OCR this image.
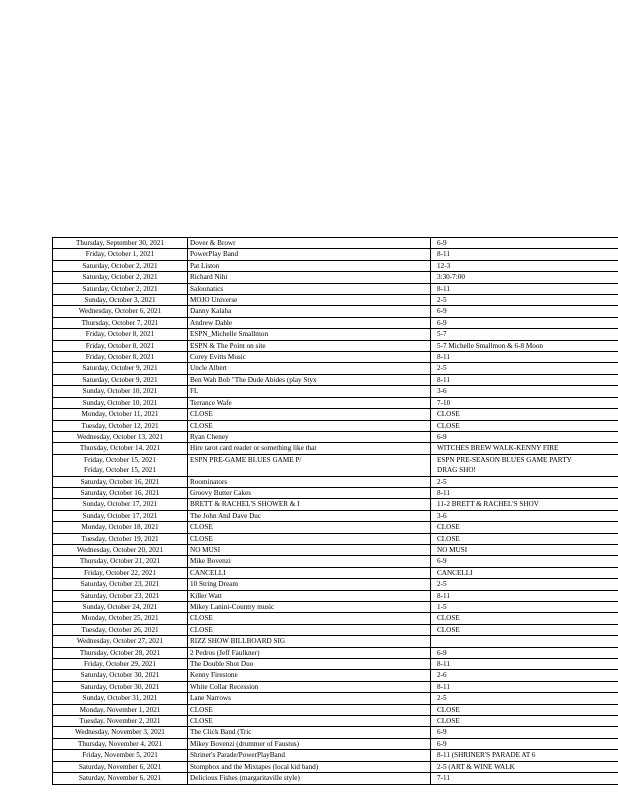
Thursday, September 30, 2021	Dover & Browr	6-9
Friday, October 1, 2021	PowerPlay Band	8-11
Saturday, October 2, 2021	Pat Liston	12-3
Saturday, October 2, 2021	Richard Nihi	3:30-7:00
Saturday, October 2, 2021	Saloonatics	8-11
Sunday, October 3, 2021	MOJO Universe	2-5
Wednesday, October 6, 2021	Danny Kalaha	6-9
Thursday, October 7, 2021	Andrew Dahle	6-9
Friday, October 8, 2021	ESPN_Michelle Smallmon	5-7
Friday, October 8, 2021	ESPN & The Point on site	5-7 Michelle Smallmon & 6-8 Moon
Friday, October 8, 2021	Corey Evitts Music	8-11
Saturday, October 9, 2021	Uncle Albert	2-5
Saturday, October 9, 2021	Ben Wah Bob "The Dude Abides (play Styx	8-11
Sunday, October 10, 2021	FL	3-6
Sunday, October 10, 2021	Terrance Wafe	7-10
Monday, October 11, 2021	CLOSE	CLOSE
Tuesday, October 12, 2021	CLOSE	CLOSE
Wednesday, October 13, 2021	Ryan Cheney	6-9
Thursday, October 14, 2021	Hire tarot card reader or something like that	WITCHES BREW WALK-KENNY FIRE
Friday, October 15, 2021	ESPN PRE-GAME BLUES GAME P/	ESPN PRE-SEASON BLUES GAME PARTY
Friday, October 15, 2021		DRAG SHO!
Saturday, October 16, 2021	Roominators	2-5
Saturday, October 16, 2021	Groovy Butter Cakes	8-11
Sunday, October 17, 2021	BRETT & RACHEL'S SHOWER & I	11-2 BRETT & RACHEL'S SHOV
Sunday, October 17, 2021	The John And Dave Duc	3-6
Monday, October 18, 2021	CLOSE	CLOSE
Tuesday, October 19, 2021	CLOSE	CLOSE
Wednesday, October 20, 2021	NO MUSI	NO MUSI
Thursday, October 21, 2021	Mike Bovenzi	6-9
Friday, October 22, 2021	CANCELLI	CANCELLI
Saturday, October 23, 2021	10 String Dream	2-5
Saturday, October 23, 2021	Killer Watt	8-11
Sunday, October 24, 2021	Mikey Lanini-Country music	1-5
Monday, October 25, 2021	CLOSE	CLOSE
Tuesday, October 26, 2021	CLOSE	CLOSE
Wednesday, October 27, 2021	RIZZ SHOW BILLBOARD SIG	
Thursday, October 28, 2021	2 Pedros (Jeff Faulkner)	6-9
Friday, October 29, 2021	The Double Shot Duo	8-11
Saturday, October 30, 2021	Kenny Firestone	2-6
Saturday, October 30, 2021	White Collar Recession	8-11
Sunday, October 31, 2021	Lane Narrows	2-5
Monday, November 1, 2021	CLOSE	CLOSE
Tuesday, November 2, 2021	CLOSE	CLOSE
Wednesday, November 3, 2021	The Click Band (Tric	6-9
Thursday, November 4, 2021	Mikey Bovenzi (drummer of Faustus)	6-9
Friday, November 5, 2021	Shriner's Parade/PowerPlayBand	8-11 (SHRINER'S PARADE AT 6
Saturday, November 6, 2021	Stompbox and the Mixtapes (local kid band)	2-5 (ART & WINE WALK
Saturday, November 6, 2021	Delicious Fishes (margaritaville style)	7-11
